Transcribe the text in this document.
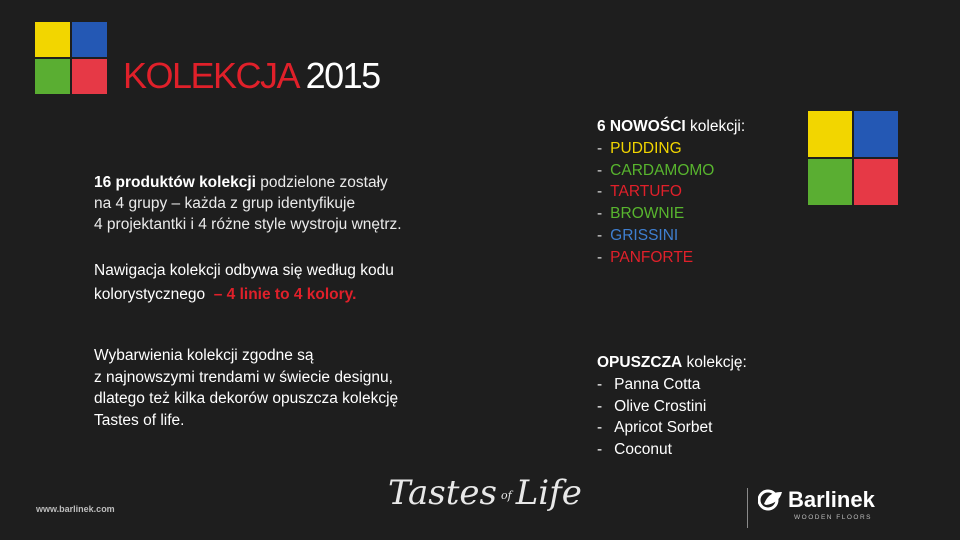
KOLEKCJA 2015
16 produktów kolekcji podzielone zostały
na 4 grupy – każda z grup identyfikuje
4 projektantki i 4 różne style wystroju wnętrz.
Nawigacja kolekcji odbywa się według kodu
kolorystycznego  – 4 linie to 4 kolory.
6 NOWOŚCI kolekcji:
- PUDDING
- CARDAMOMO
- TARTUFO
- BROWNIE
- GRISSINI
- PANFORTE
Wybarwienia kolekcji zgodne są
z najnowszymi trendami w świecie designu,
dlatego też kilka dekorów opuszcza kolekcję
Tastes of life.
OPUSZCZA kolekcję:
- Panna Cotta
- Olive Crostini
- Apricot Sorbet
- Coconut
www.barlinek.com	Tastes of Life	Barlinek
WOODEN FLOORS
